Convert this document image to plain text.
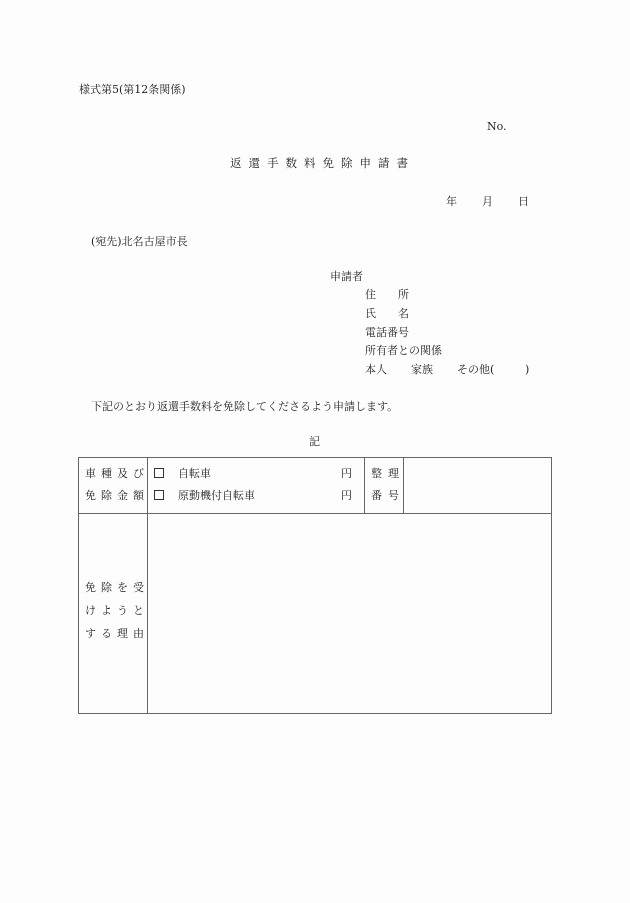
様式第5(第12条関係)
No.
返還手数料免除申請書
年 月 日
(宛先)北名古屋市長
申請者
住 所
氏 名
電話番号
所有者との関係
本人 家族 その他(	)
下記のとおり返還手数料を免除してくださるよう申請します。
記
車種及び
免除金額
自転車
原動機付自転車
円
円
整理
番号
免除を受
けようと
する理由
